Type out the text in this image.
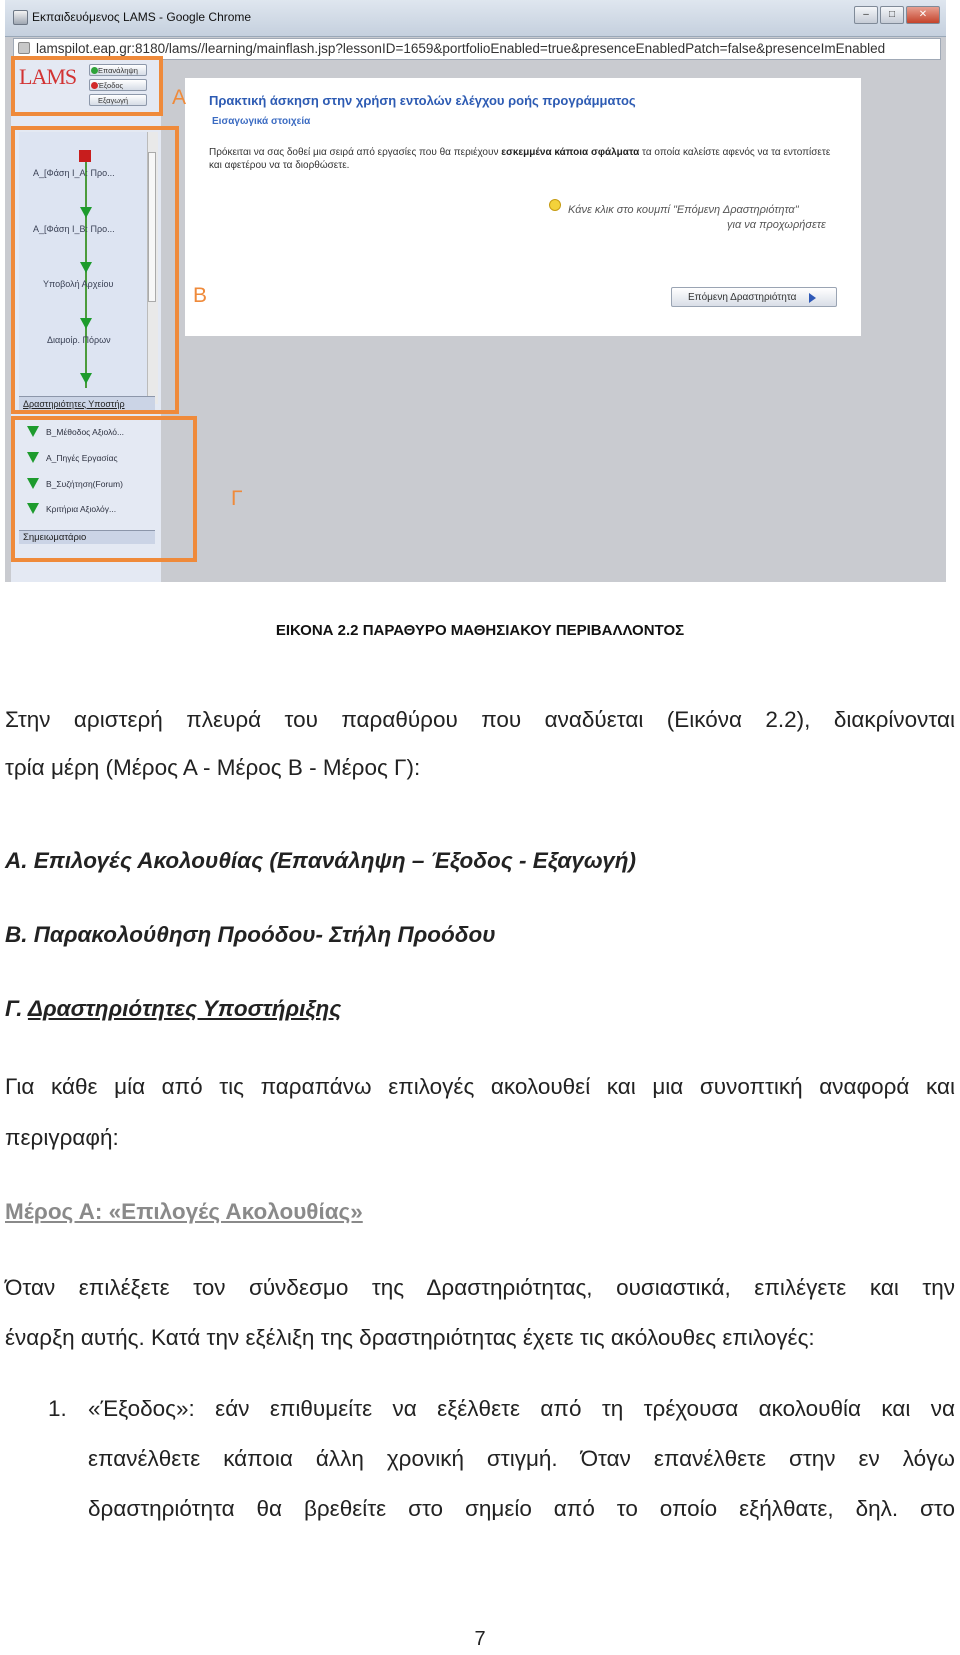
Εκπαιδευόμενος LAMS - Google Chrome	–	□	✕
lamspilot.eap.gr:8180/lams//learning/mainflash.jsp?lessonID=1659&portfolioEnabled=true&presenceEnabledPatch=false&presenceImEnabled
LAMS	Επανάληψη
Έξοδος
Εξαγωγή
A_[Φάση Ι_Α: Προ...
A_[Φάση Ι_Β: Προ...
Υποβολή Αρχείου
Διαμοίρ. Πόρων
Δραστηριότητες Υποστήρ
B_Μέθοδος Αξιολό...
A_Πηγές Εργασίας
B_Συζήτηση(Forum)
Κριτήρια Αξιολόγ...
Σημειωματάριο
Πρακτική άσκηση στην χρήση εντολών ελέγχου ροής προγράμματος
Εισαγωγικά στοιχεία
Πρόκειται να σας δοθεί μια σειρά από εργασίες που θα περιέχουν εσκεμμένα κάποια σφάλματα τα οποία καλείστε αφενός να τα εντοπίσετε και αφετέρου να τα διορθώσετε.
Κάνε κλικ στο κουμπί "Επόμενη Δραστηριότητα"
για να προχωρήσετε
Επόμενη Δραστηριότητα
A
B
Γ
ΕΙΚΟΝΑ 2.2 ΠΑΡΑΘΥΡΟ ΜΑΘΗΣΙΑΚΟΥ ΠΕΡΙΒΑΛΛΟΝΤΟΣ
Στην αριστερή πλευρά του παραθύρου που αναδύεται (Εικόνα 2.2), διακρίνονται
τρία μέρη (Μέρος Α - Μέρος Β - Μέρος Γ):
Α. Επιλογές Ακολουθίας (Επανάληψη – Έξοδος - Εξαγωγή)
Β. Παρακολούθηση Προόδου- Στήλη Προόδου
Γ. Δραστηριότητες Υποστήριξης
Για κάθε μία από τις παραπάνω επιλογές ακολουθεί και μια συνοπτική αναφορά και
περιγραφή:
Μέρος Α: «Επιλογές Ακολουθίας»
Όταν επιλέξετε τον σύνδεσμο της Δραστηριότητας, ουσιαστικά, επιλέγετε και την
έναρξη αυτής. Κατά την εξέλιξη της δραστηριότητας έχετε τις ακόλουθες επιλογές:
1. «Έξοδος»: εάν επιθυμείτε να εξέλθετε από τη τρέχουσα ακολουθία και να
επανέλθετε κάποια άλλη χρονική στιγμή. Όταν επανέλθετε στην εν λόγω
δραστηριότητα θα βρεθείτε στο σημείο από το οποίο εξήλθατε, δηλ. στο
7
